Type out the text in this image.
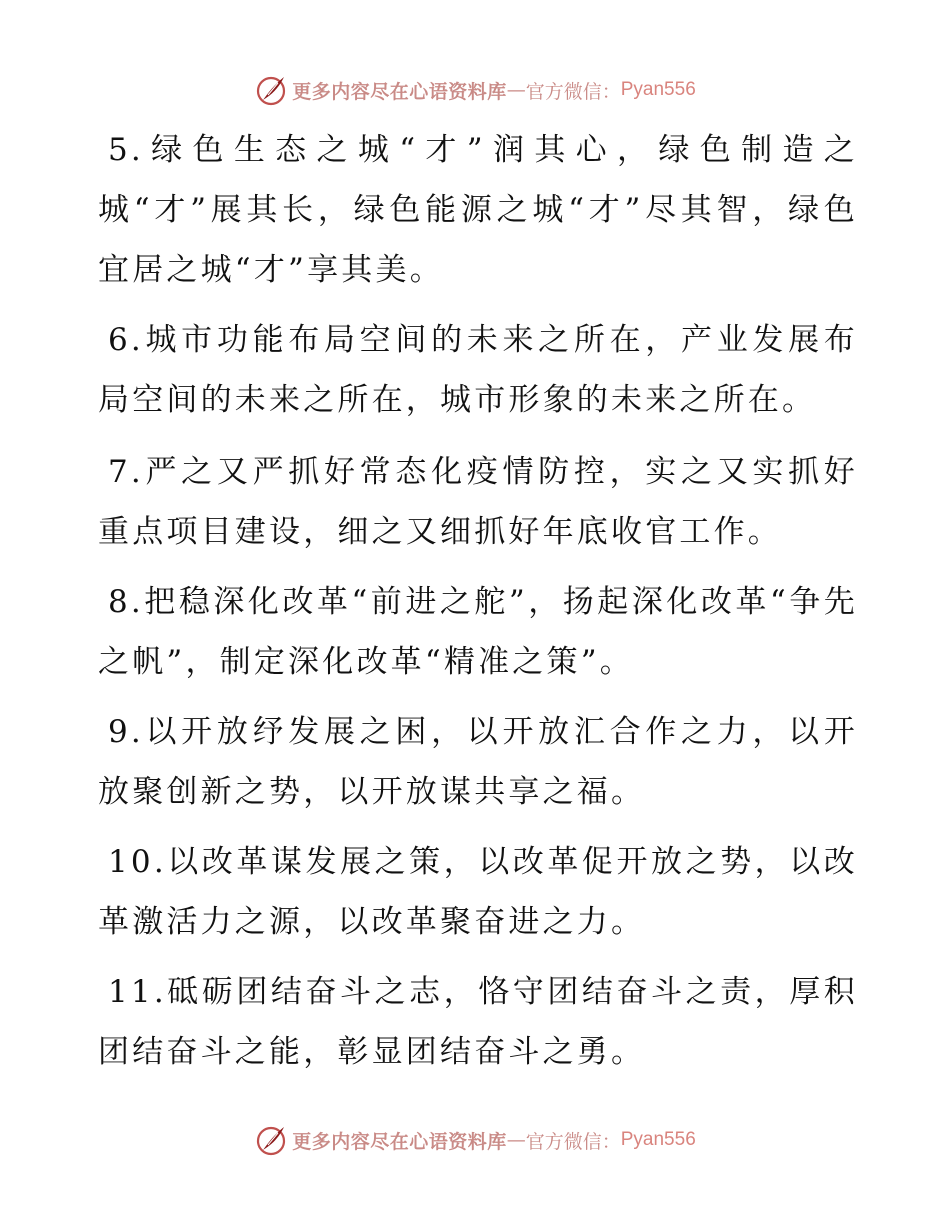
更多内容尽在心语资料库 — 官方微信： Pyan556

5.绿色生态之城“才”润其心，绿色制造之城“才”展其长，绿色能源之城“才”尽其智，绿色宜居之城“才”享其美。

6.城市功能布局空间的未来之所在，产业发展布局空间的未来之所在，城市形象的未来之所在。

7.严之又严抓好常态化疫情防控，实之又实抓好重点项目建设，细之又细抓好年底收官工作。

8.把稳深化改革“前进之舵”，扬起深化改革“争先之帆”，制定深化改革“精准之策”。

9.以开放纾发展之困，以开放汇合作之力，以开放聚创新之势，以开放谋共享之福。

10.以改革谋发展之策，以改革促开放之势，以改革激活力之源，以改革聚奋进之力。

11.砥砺团结奋斗之志，恪守团结奋斗之责，厚积团结奋斗之能，彰显团结奋斗之勇。

更多内容尽在心语资料库 — 官方微信： Pyan556
